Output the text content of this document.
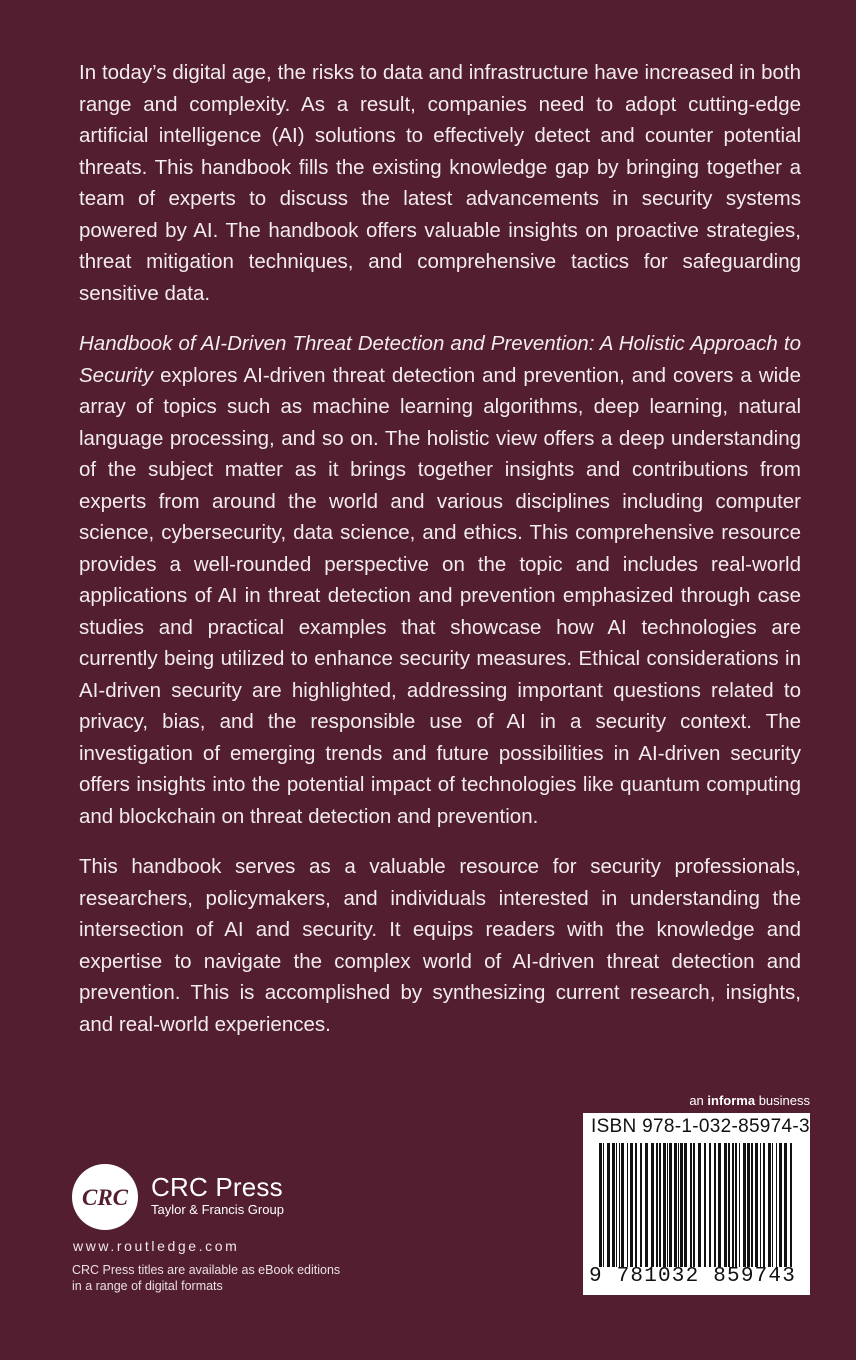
In today’s digital age, the risks to data and infrastructure have increased in both range and complexity. As a result, companies need to adopt cutting-edge artificial intelligence (AI) solutions to effectively detect and counter potential threats. This handbook fills the existing knowledge gap by bringing together a team of experts to discuss the latest advancements in security systems powered by AI. The handbook offers valuable insights on proactive strategies, threat mitigation techniques, and comprehensive tactics for safeguarding sensitive data.

Handbook of AI-Driven Threat Detection and Prevention: A Holistic Approach to Security explores AI-driven threat detection and prevention, and covers a wide array of topics such as machine learning algorithms, deep learning, natural language processing, and so on. The holistic view offers a deep understanding of the subject matter as it brings together insights and contributions from experts from around the world and various disciplines including computer science, cybersecurity, data science, and ethics. This comprehensive resource provides a well-rounded perspective on the topic and includes real-world applications of AI in threat detection and prevention emphasized through case studies and practical examples that showcase how AI technologies are currently being utilized to enhance security measures. Ethical considerations in AI-driven security are highlighted, addressing important questions related to privacy, bias, and the responsible use of AI in a security context. The investigation of emerging trends and future possibilities in AI-driven security offers insights into the potential impact of technologies like quantum computing and blockchain on threat detection and prevention.

This handbook serves as a valuable resource for security professionals, researchers, policymakers, and individuals interested in understanding the intersection of AI and security. It equips readers with the knowledge and expertise to navigate the complex world of AI-driven threat detection and prevention. This is accomplished by synthesizing current research, insights, and real-world experiences.

an informa business
ISBN 978-1-032-85974-3
9 781032 859743
CRC CRC Press
Taylor & Francis Group
www.routledge.com
CRC Press titles are available as eBook editions
in a range of digital formats
